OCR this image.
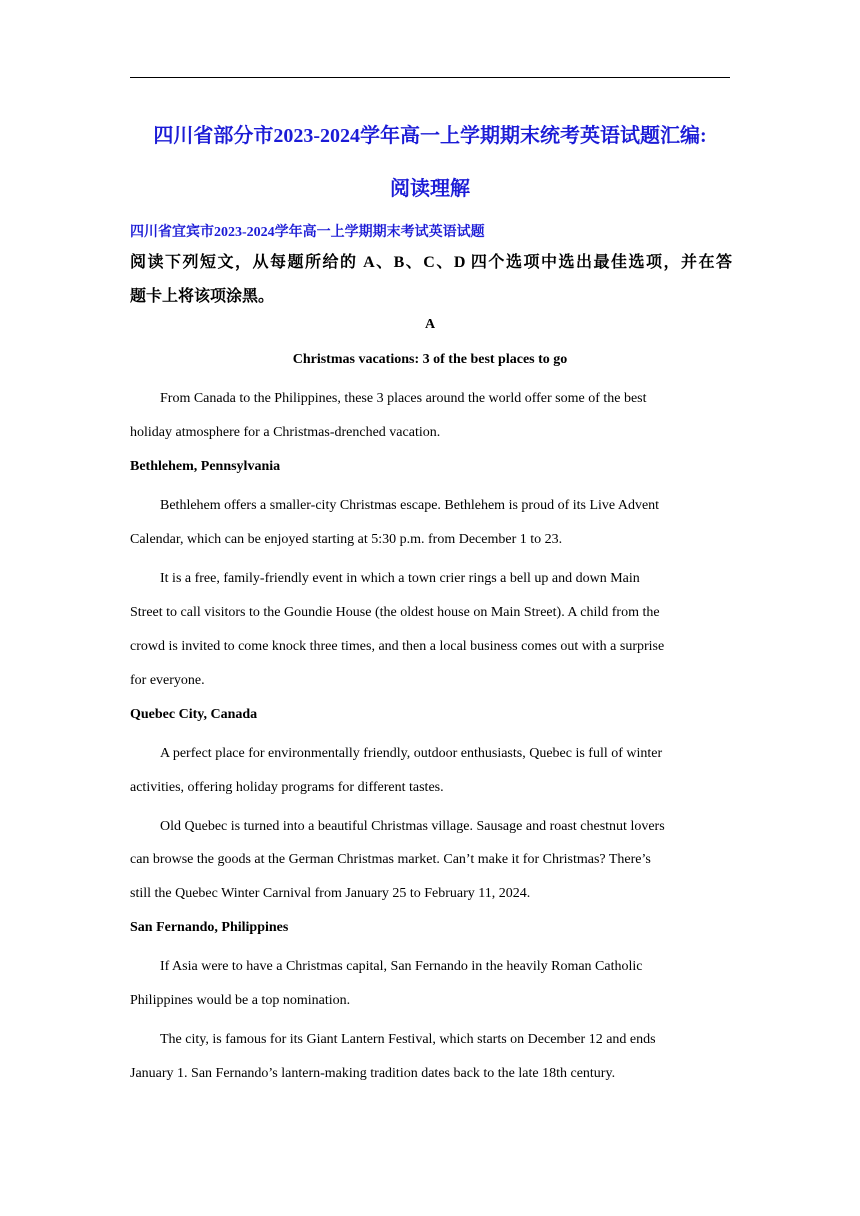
四川省部分市2023-2024学年高一上学期期末统考英语试题汇编:
阅读理解
四川省宜宾市2023-2024学年高一上学期期末考试英语试题
阅读下列短文，从每题所给的 A、B、C、D 四个选项中选出最佳选项，并在答
题卡上将该项涂黑。
A
Christmas vacations: 3 of the best places to go
From Canada to the Philippines, these 3 places around the world offer some of the best
holiday atmosphere for a Christmas-drenched vacation.
Bethlehem, Pennsylvania
Bethlehem offers a smaller-city Christmas escape. Bethlehem is proud of its Live Advent
Calendar, which can be enjoyed starting at 5:30 p.m. from December 1 to 23.
It is a free, family-friendly event in which a town crier rings a bell up and down Main
Street to call visitors to the Goundie House (the oldest house on Main Street). A child from the
crowd is invited to come knock three times, and then a local business comes out with a surprise
for everyone.
Quebec City, Canada
A perfect place for environmentally friendly, outdoor enthusiasts, Quebec is full of winter
activities, offering holiday programs for different tastes.
Old Quebec is turned into a beautiful Christmas village. Sausage and roast chestnut lovers
can browse the goods at the German Christmas market. Can’t make it for Christmas? There’s
still the Quebec Winter Carnival from January 25 to February 11, 2024.
San Fernando, Philippines
If Asia were to have a Christmas capital, San Fernando in the heavily Roman Catholic
Philippines would be a top nomination.
The city, is famous for its Giant Lantern Festival, which starts on December 12 and ends
January 1. San Fernando’s lantern-making tradition dates back to the late 18th century.
